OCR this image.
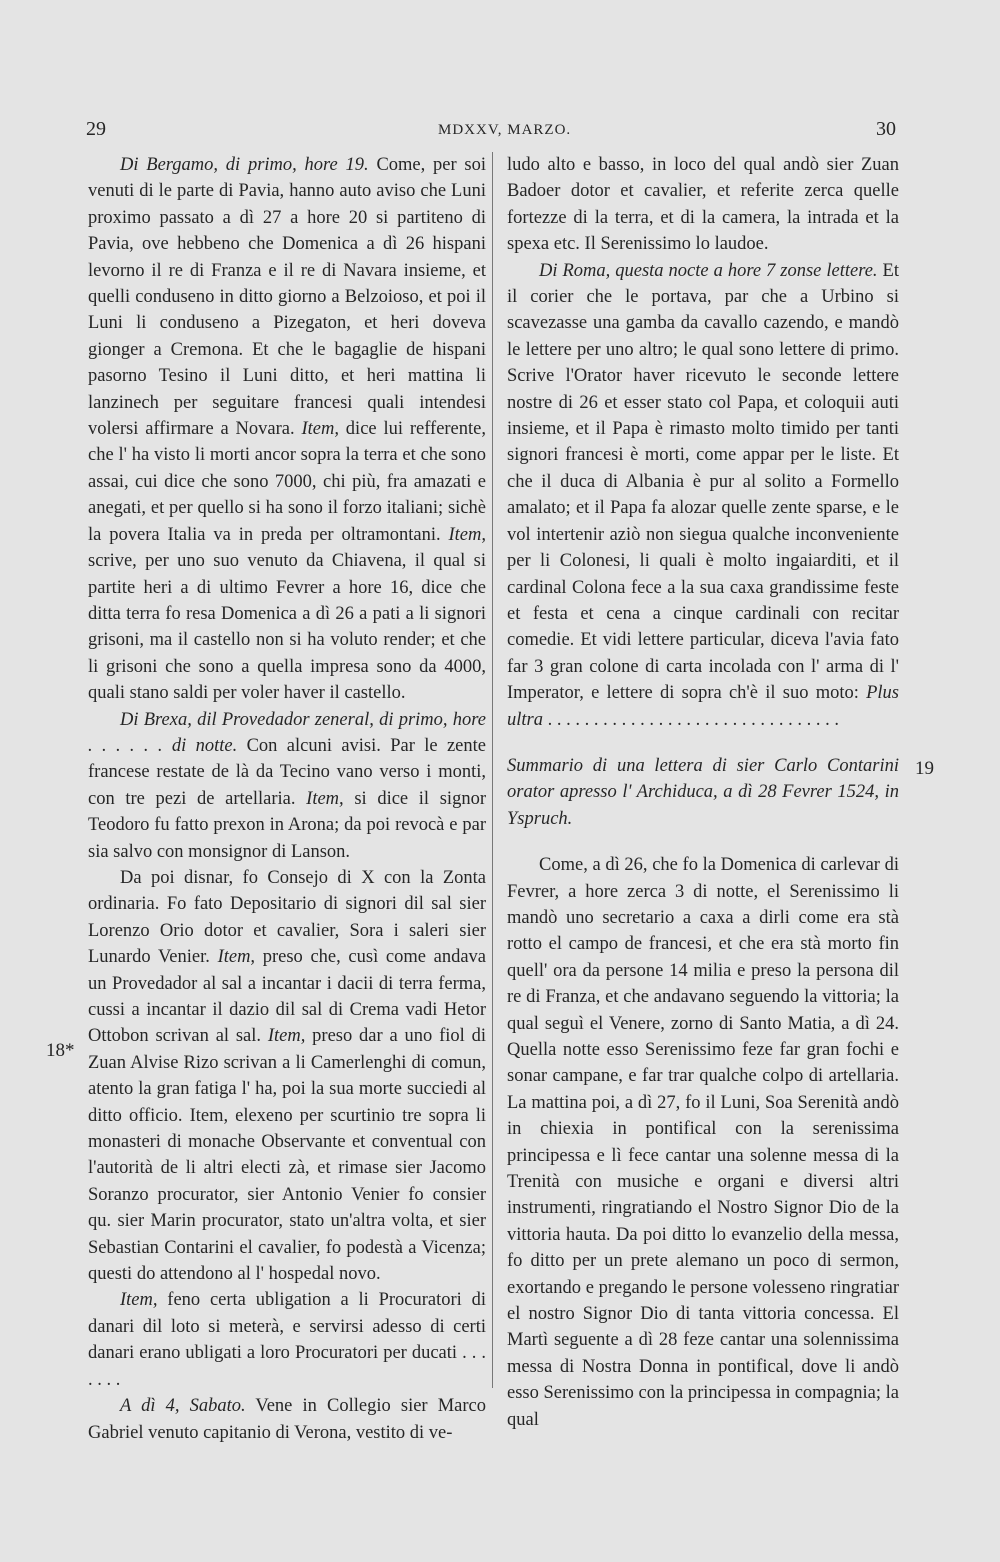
29	MDXXV, MARZO.	30
18*
19

Di Bergamo, di primo, hore 19. Come, per soi venuti di le parte di Pavia, hanno auto aviso che Luni proximo passato a dì 27 a hore 20 si partiteno di Pavia, ove hebbeno che Domenica a dì 26 hispani levorno il re di Franza e il re di Navara insieme, et quelli conduseno in ditto giorno a Belzoioso, et poi il Luni li conduseno a Pizegaton, et heri doveva gionger a Cremona. Et che le bagaglie de hispani pasorno Tesino il Luni ditto, et heri mattina li lanzinech per seguitare francesi quali intendesi volersi affirmare a Novara. Item, dice lui refferente, che l' ha visto li morti ancor sopra la terra et che sono assai, cui dice che sono 7000, chi più, fra amazati e anegati, et per quello si ha sono il forzo italiani; sichè la povera Italia va in preda per oltramontani. Item, scrive, per uno suo venuto da Chiavena, il qual si partite heri a di ultimo Fevrer a hore 16, dice che ditta terra fo resa Domenica a dì 26 a pati a li signori grisoni, ma il castello non si ha voluto render; et che li grisoni che sono a quella impresa sono da 4000, quali stano saldi per voler haver il castello.

Di Brexa, dil Provedador zeneral, di primo, hore . . . . . . di notte. Con alcuni avisi. Par le zente francese restate de là da Tecino vano verso i monti, con tre pezi de artellaria. Item, si dice il signor Teodoro fu fatto prexon in Arona; da poi revocà e par sia salvo con monsignor di Lanson.

Da poi disnar, fo Consejo di X con la Zonta ordinaria. Fo fato Depositario di signori dil sal sier Lorenzo Orio dotor et cavalier, Sora i saleri sier Lunardo Venier. Item, preso che, cusì come andava un Provedador al sal a incantar i dacii di terra ferma, cussi a incantar il dazio dil sal di Crema vadi Hetor Ottobon scrivan al sal. Item, preso dar a uno fiol di Zuan Alvise Rizo scrivan a li Camerlenghi di comun, atento la gran fatiga l' ha, poi la sua morte succiedi al ditto officio. Item, elexeno per scurtinio tre sopra li monasteri di monache Observante et conventual con l'autorità de li altri electi zà, et rimase sier Jacomo Soranzo procurator, sier Antonio Venier fo consier qu. sier Marin procurator, stato un'altra volta, et sier Sebastian Contarini el cavalier, fo podestà a Vicenza; questi do attendono al l' hospedal novo.

Item, feno certa ubligation a li Procuratori di danari dil loto si meterà, e servirsi adesso di certi danari erano ubligati a loro Procuratori per ducati . . . . . . .

A dì 4, Sabato. Vene in Collegio sier Marco Gabriel venuto capitanio di Verona, vestito di ve-

ludo alto e basso, in loco del qual andò sier Zuan Badoer dotor et cavalier, et referite zerca quelle fortezze di la terra, et di la camera, la intrada et la spexa etc. Il Serenissimo lo laudoe.

Di Roma, questa nocte a hore 7 zonse lettere. Et il corier che le portava, par che a Urbino si scavezasse una gamba da cavallo cazendo, e mandò le lettere per uno altro; le qual sono lettere di primo. Scrive l'Orator haver ricevuto le seconde lettere nostre di 26 et esser stato col Papa, et coloquii auti insieme, et il Papa è rimasto molto timido per tanti signori francesi è morti, come appar per le liste. Et che il duca di Albania è pur al solito a Formello amalato; et il Papa fa alozar quelle zente sparse, e le vol intertenir aziò non siegua qualche inconveniente per li Colonesi, li quali è molto ingaiarditi, et il cardinal Colona fece a la sua caxa grandissime feste et festa et cena a cinque cardinali con recitar comedie. Et vidi lettere particular, diceva l'avia fato far 3 gran colone di carta incolada con l' arma di l' Imperator, e lettere di sopra ch'è il suo moto: Plus ultra . . . . . . . . . . . . . . . . . . . . . . . . . . . . . . . .

Summario di una lettera di sier Carlo Contarini orator apresso l' Archiduca, a dì 28 Fevrer 1524, in Yspruch.

Come, a dì 26, che fo la Domenica di carlevar di Fevrer, a hore zerca 3 di notte, el Serenissimo li mandò uno secretario a caxa a dirli come era stà rotto el campo de francesi, et che era stà morto fin quell' ora da persone 14 milia e preso la persona dil re di Franza, et che andavano seguendo la vittoria; la qual seguì el Venere, zorno di Santo Matia, a dì 24. Quella notte esso Serenissimo feze far gran fochi e sonar campane, e far trar qualche colpo di artellaria. La mattina poi, a dì 27, fo il Luni, Soa Serenità andò in chiexia in pontifical con la serenissima principessa e lì fece cantar una solenne messa di la Trenità con musiche e organi e diversi altri instrumenti, ringratiando el Nostro Signor Dio de la vittoria hauta. Da poi ditto lo evanzelio della messa, fo ditto per un prete alemano un poco di sermon, exortando e pregando le persone volesseno ringratiar el nostro Signor Dio di tanta vittoria concessa. El Martì seguente a dì 28 feze cantar una solennissima messa di Nostra Donna in pontifical, dove li andò esso Serenissimo con la principessa in compagnia; la qual
